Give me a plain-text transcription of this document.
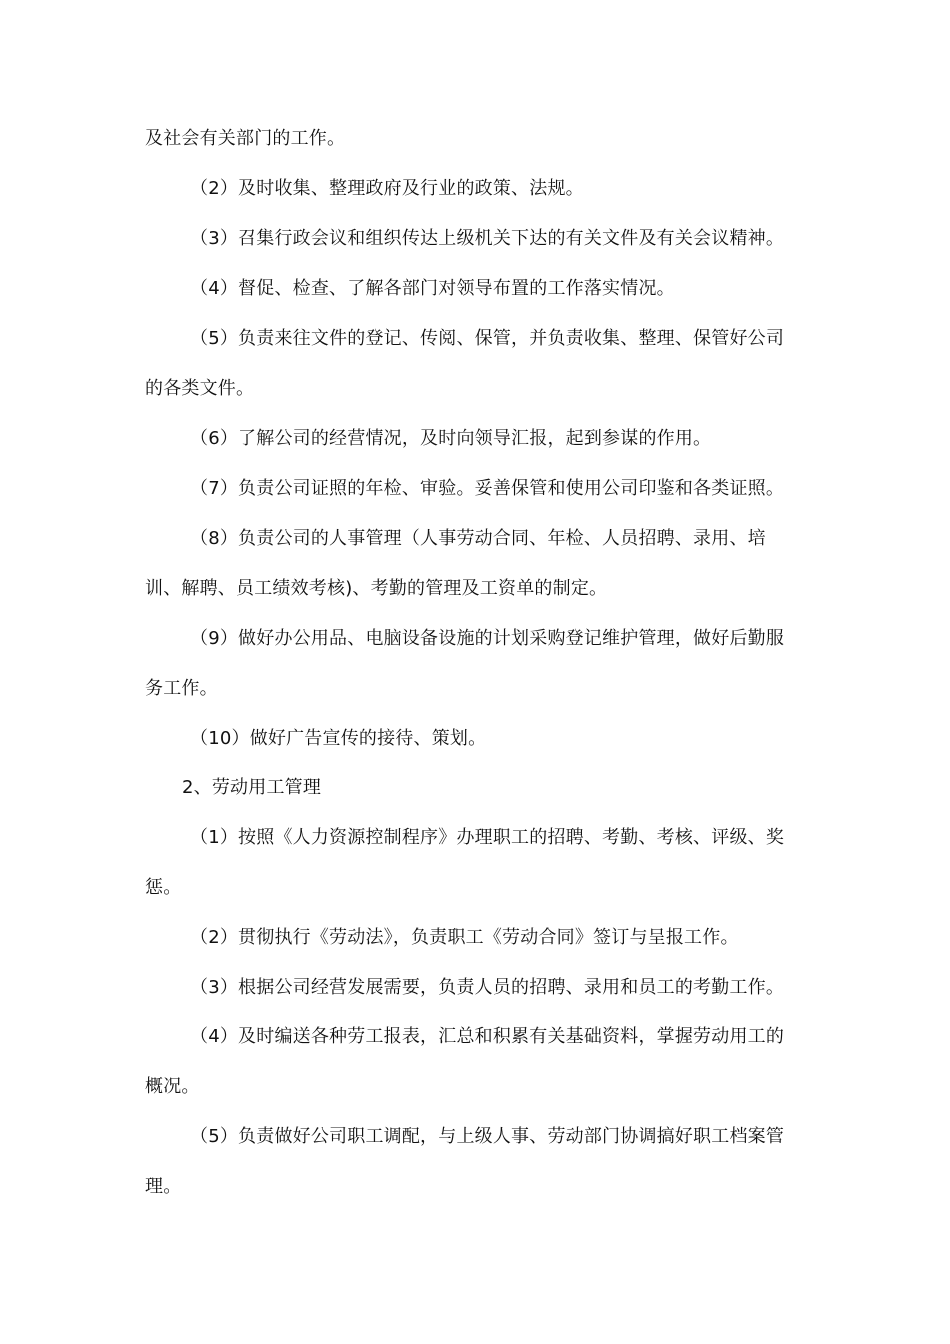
及社会有关部门的工作。
（2）及时收集、整理政府及行业的政策、法规。
（3）召集行政会议和组织传达上级机关下达的有关文件及有关会议精神。
（4）督促、检查、了解各部门对领导布置的工作落实情况。
（5）负责来往文件的登记、传阅、保管，并负责收集、整理、保管好公司
的各类文件。
（6）了解公司的经营情况，及时向领导汇报，起到参谋的作用。
（7）负责公司证照的年检、审验。妥善保管和使用公司印鉴和各类证照。
（8）负责公司的人事管理（人事劳动合同、年检、人员招聘、录用、培
训、解聘、员工绩效考核)、考勤的管理及工资单的制定。
（9）做好办公用品、电脑设备设施的计划采购登记维护管理，做好后勤服
务工作。
（10）做好广告宣传的接待、策划。
2、劳动用工管理
（1）按照《人力资源控制程序》办理职工的招聘、考勤、考核、评级、奖
惩。
（2）贯彻执行《劳动法》，负责职工《劳动合同》签订与呈报工作。
（3）根据公司经营发展需要，负责人员的招聘、录用和员工的考勤工作。
（4）及时编送各种劳工报表，汇总和积累有关基础资料，掌握劳动用工的
概况。
（5）负责做好公司职工调配，与上级人事、劳动部门协调搞好职工档案管
理。
